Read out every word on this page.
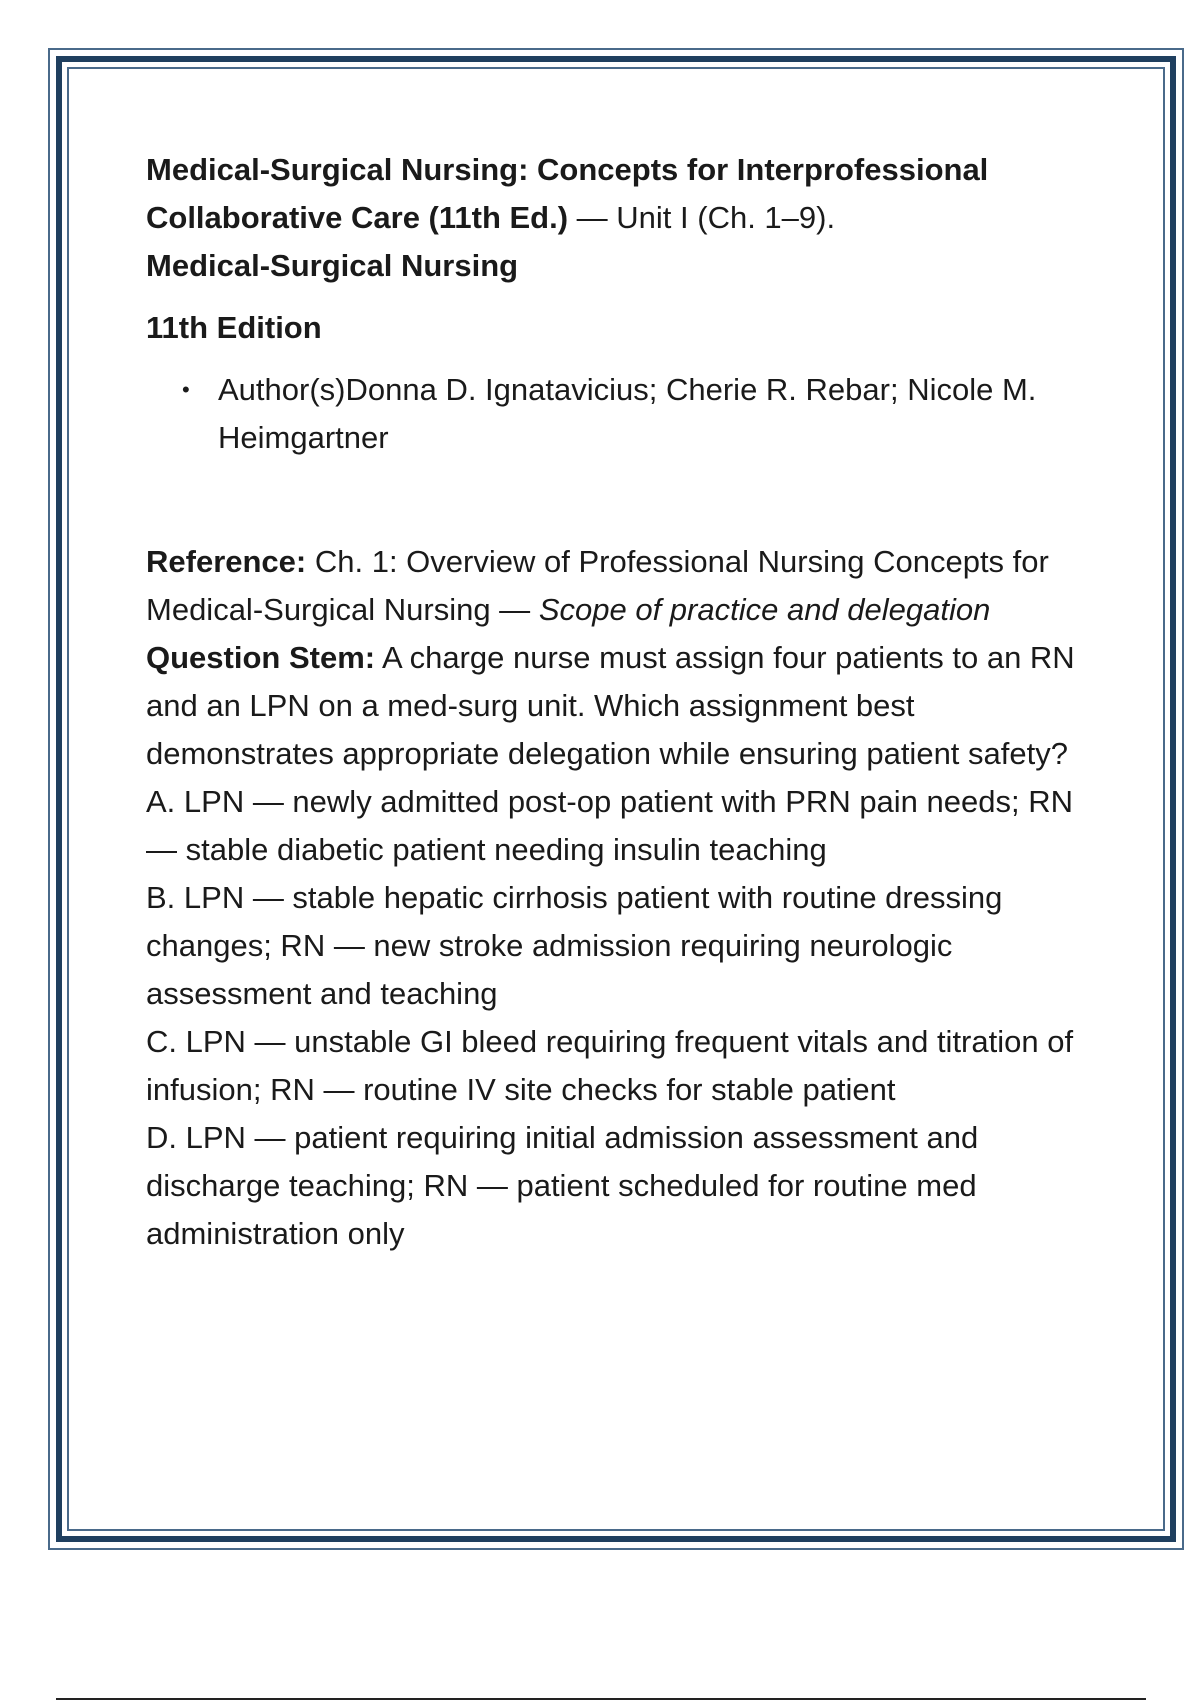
Medical-Surgical Nursing: Concepts for Interprofessional Collaborative Care (11th Ed.) — Unit I (Ch. 1–9).

Medical-Surgical Nursing

11th Edition

• Author(s)Donna D. Ignatavicius; Cherie R. Rebar; Nicole M. Heimgartner

Reference: Ch. 1: Overview of Professional Nursing Concepts for Medical-Surgical Nursing — Scope of practice and delegation

Question Stem: A charge nurse must assign four patients to an RN and an LPN on a med-surg unit. Which assignment best demonstrates appropriate delegation while ensuring patient safety?

A. LPN — newly admitted post-op patient with PRN pain needs; RN — stable diabetic patient needing insulin teaching

B. LPN — stable hepatic cirrhosis patient with routine dressing changes; RN — new stroke admission requiring neurologic assessment and teaching

C. LPN — unstable GI bleed requiring frequent vitals and titration of infusion; RN — routine IV site checks for stable patient

D. LPN — patient requiring initial admission assessment and discharge teaching; RN — patient scheduled for routine med administration only
